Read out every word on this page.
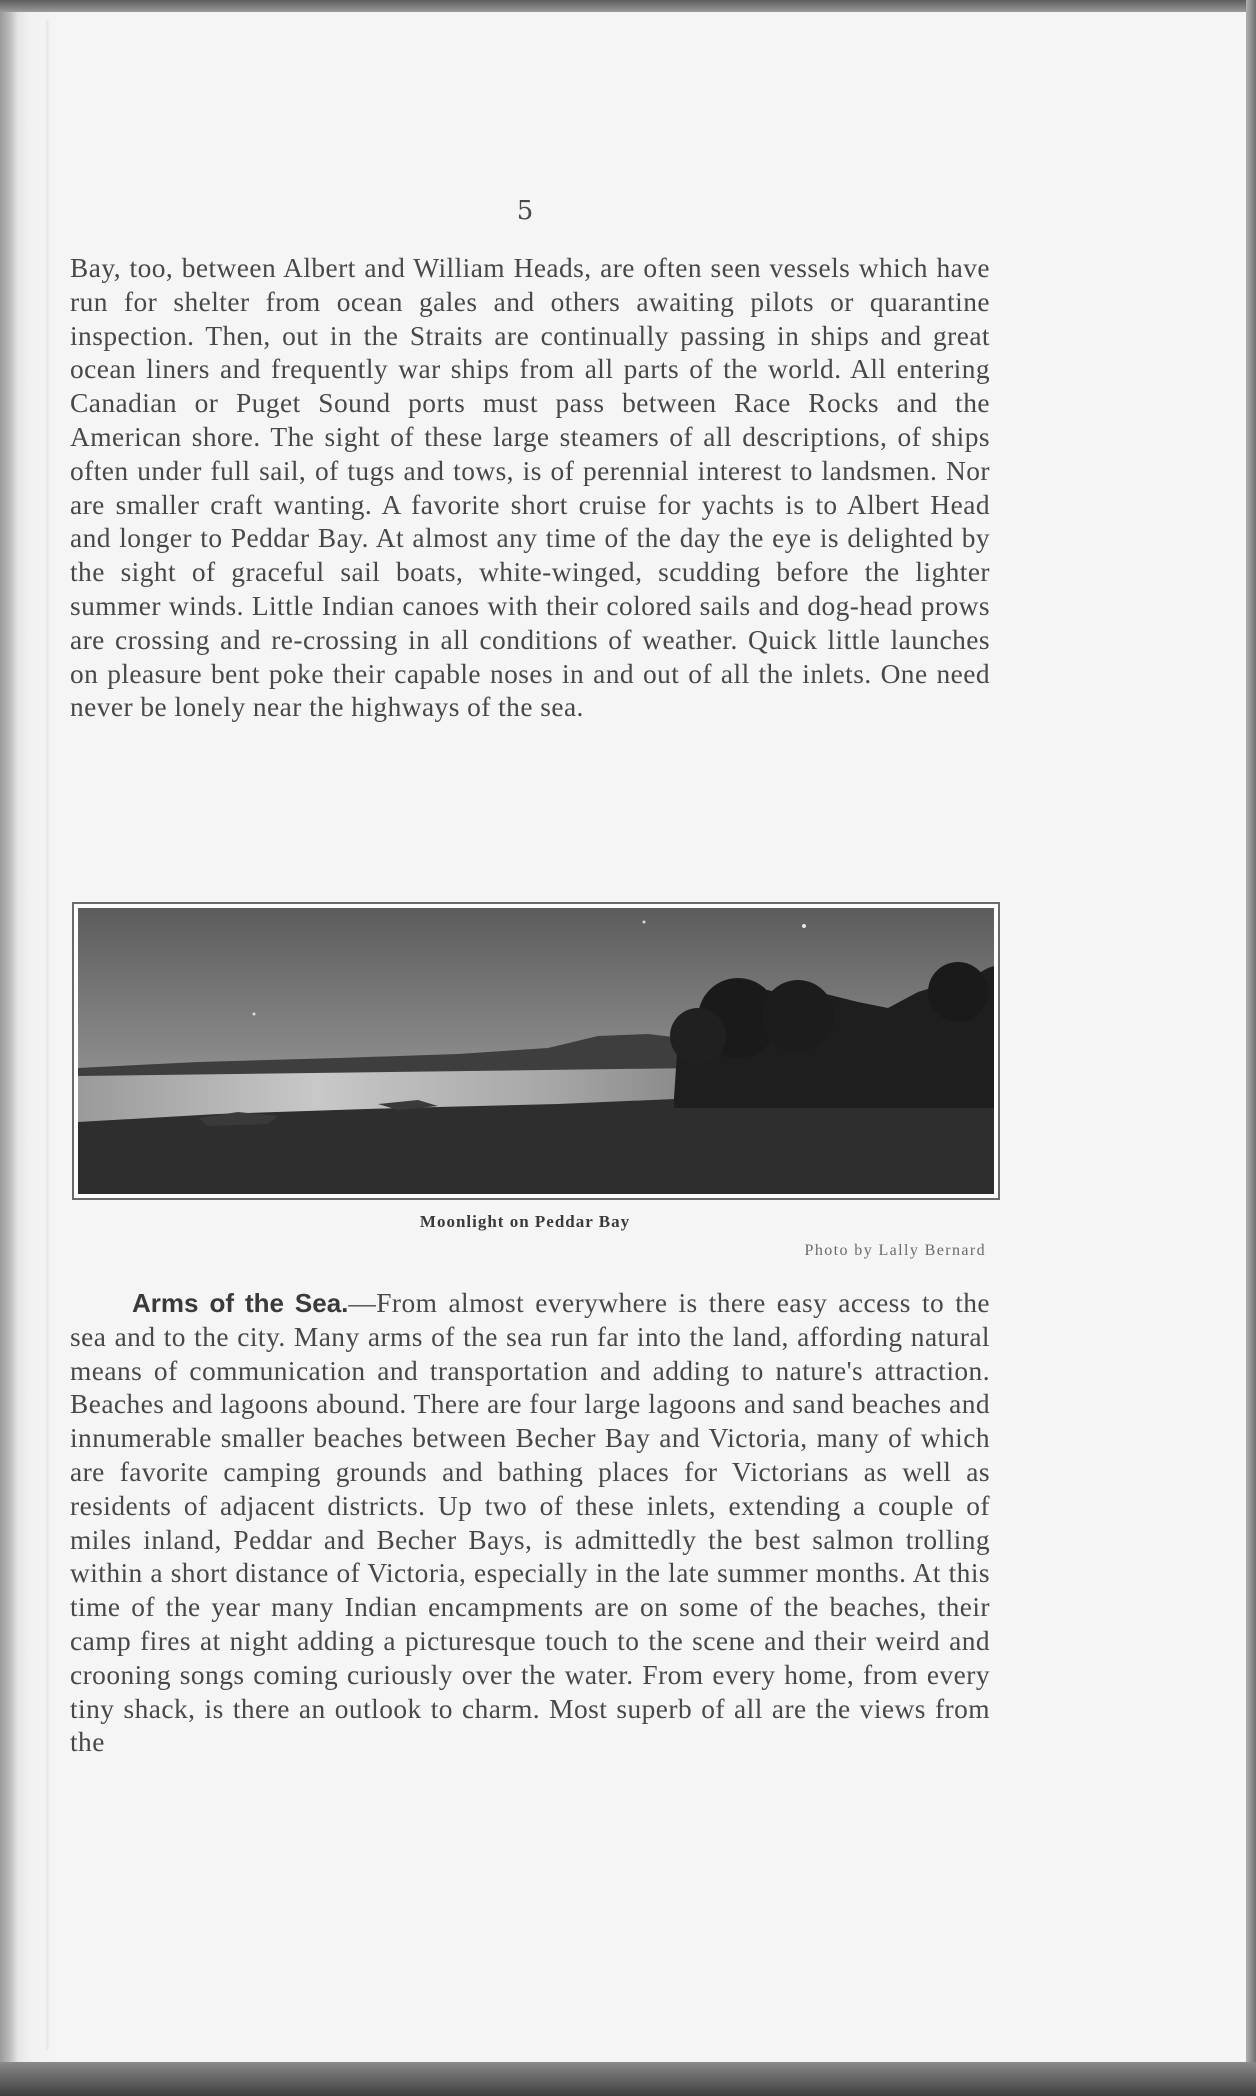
5

Bay, too, between Albert and William Heads, are often seen vessels which have run for shelter from ocean gales and others awaiting pilots or quarantine inspection. Then, out in the Straits are continually passing in ships and great ocean liners and frequently war ships from all parts of the world. All entering Canadian or Puget Sound ports must pass between Race Rocks and the American shore. The sight of these large steamers of all descriptions, of ships often under full sail, of tugs and tows, is of perennial interest to landsmen. Nor are smaller craft wanting. A favorite short cruise for yachts is to Albert Head and longer to Peddar Bay. At almost any time of the day the eye is delighted by the sight of graceful sail boats, white-winged, scudding before the lighter summer winds. Little Indian canoes with their colored sails and dog-head prows are crossing and re-crossing in all conditions of weather. Quick little launches on pleasure bent poke their capable noses in and out of all the inlets. One need never be lonely near the highways of the sea.

Moonlight on Peddar Bay
Photo by Lally Bernard

Arms of the Sea.—From almost everywhere is there easy access to the sea and to the city. Many arms of the sea run far into the land, affording natural means of communication and transportation and adding to nature's attraction. Beaches and lagoons abound. There are four large lagoons and sand beaches and innumerable smaller beaches between Becher Bay and Victoria, many of which are favorite camping grounds and bathing places for Victorians as well as residents of adjacent districts. Up two of these inlets, extending a couple of miles inland, Peddar and Becher Bays, is admittedly the best salmon trolling within a short distance of Victoria, especially in the late summer months. At this time of the year many Indian encampments are on some of the beaches, their camp fires at night adding a picturesque touch to the scene and their weird and crooning songs coming curiously over the water. From every home, from every tiny shack, is there an outlook to charm. Most superb of all are the views from the
